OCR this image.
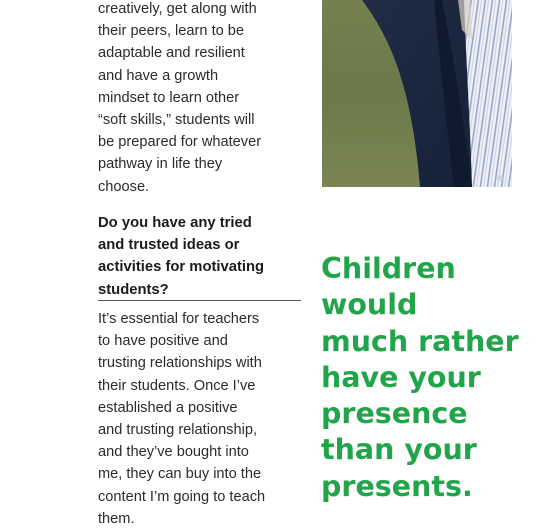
creatively, get along with
their peers, learn to be
adaptable and resilient
and have a growth
mindset to learn other
“soft skills,” students will
be prepared for whatever
pathway in life they
choose.

Do you have any tried
and trusted ideas or
activities for motivating
students?

It’s essential for teachers
to have positive and
trusting relationships with
their students. Once I’ve
established a positive
and trusting relationship,
and they’ve bought into
me, they can buy into the
content I’m going to teach
them.

Children
would
much rather
have your
presence
than your
presents.
